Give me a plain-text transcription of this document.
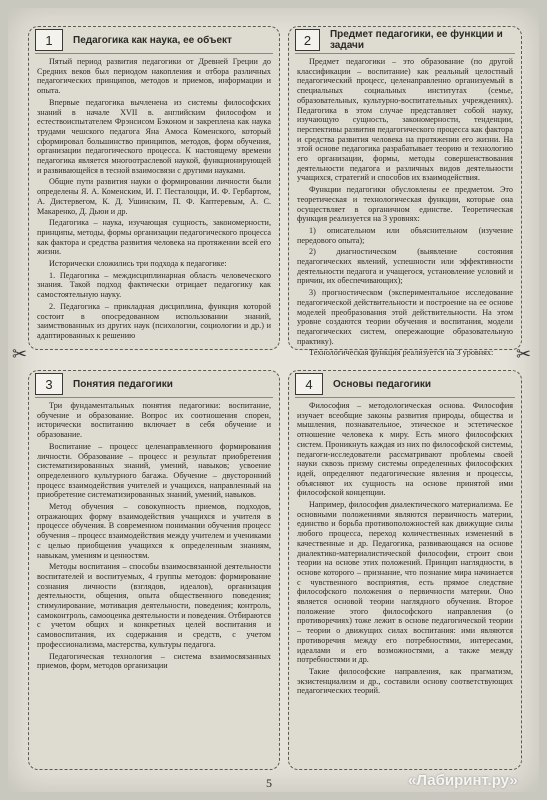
1	Педагогика как наука, ее объект

Пятый период развития педагогики от Древней Греции до Средних веков был периодом накопления и отбора различных педагогических принципов, методов и приемов, информации и опыта.

Впервые педагогика вычленена из системы философских знаний в начале XVII в. английским философом и естествоиспытателем Фрэнсисом Бэконом и закреплена как наука трудами чешского педагога Яна Амоса Коменского, который сформировал большинство принципов, методов, форм обучения, организации педагогического процесса. К настоящему времени педагогика является многоотраслевой наукой, функционирующей и развивающейся в тесной взаимосвязи с другими науками.

Общие пути развития науки о формировании личности были определены Я. А. Коменским, И. Г. Песталоцци, И. Ф. Гербартом, А. Дистервегом, К. Д. Ушинским, П. Ф. Каптеревым, А. С. Макаренко, Д. Дьюи и др.

Педагогика – наука, изучающая сущность, закономерности, принципы, методы, формы организации педагогического процесса как фактора и средства развития человека на протяжении всей его жизни.

Исторически сложились три подхода к педагогике:

1. Педагогика – междисциплинарная область человеческого знания. Такой подход фактически отрицает педагогику как самостоятельную науку.

2. Педагогика – прикладная дисциплина, функция которой состоит в опосредованном использовании знаний, заимствованных из других наук (психологии, социологии и др.) и адаптированных к решению

2	Предмет педагогики, ее функции и задачи

Предмет педагогики – это образование (по другой классификации – воспитание) как реальный целостный педагогический процесс, целенаправленно организуемый в специальных социальных институтах (семье, образовательных, культурно-воспитательных учреждениях). Педагогика в этом случае представляет собой науку, изучающую сущность, закономерности, тенденции, перспективы развития педагогического процесса как фактора и средства развития человека на протяжении его жизни. На этой основе педагогика разрабатывает теорию и технологию его организации, формы, методы совершенствования деятельности педагога и различных видов деятельности учащихся, стратегий и способов их взаимодействия.

Функции педагогики обусловлены ее предметом. Это теоретическая и технологическая функции, которые она осуществляет в органичном единстве. Теоретическая функция реализуется на 3 уровнях:

1) описательном или объяснительном (изучение передового опыта);

2) диагностическом (выявление состояния педагогических явлений, успешности или эффективности деятельности педагога и учащегося, установление условий и причин, их обеспечивающих);

3) прогностическом (экспериментальное исследование педагогической действительности и построение на ее основе моделей преобразования этой действительности. На этом уровне создаются теории обучения и воспитания, модели педагогических систем, опережающие образовательную практику).

Технологическая функция реализуется на 3 уровнях:

✂	✂
3	Понятия педагогики

Три фундаментальных понятия педагогики: воспитание, обучение и образование. Вопрос их соотношения спорен, исторически воспитанию включает в себя обучение и образование.

Воспитание – процесс целенаправленного формирования личности. Образование – процесс и результат приобретения систематизированных знаний, умений, навыков; усвоение определенного культурного багажа. Обучение – двусторонний процесс взаимодействия учителей и учащихся, направленный на приобретение систематизированных знаний, умений, навыков.

Метод обучения – совокупность приемов, подходов, отражающих форму взаимодействия учащихся и учителя в процессе обучения. В современном понимании обучения процесс обучения – процесс взаимодействия между учителем и учениками с целью приобщения учащихся к определенным знаниям, навыкам, умениям и ценностям.

Методы воспитания – способы взаимосвязанной деятельности воспитателей и воспитуемых, 4 группы методов: формирование сознания личности (взглядов, идеалов), организация деятельности, общения, опыта общественного поведения; стимулирование, мотивация деятельности, поведения; контроль, самоконтроль, самооценка деятельности и поведения. Отбираются с учетом общих и конкретных целей воспитания и самовоспитания, их содержания и средств, с учетом профессионализма, мастерства, культуры педагога.

Педагогическая технология – система взаимосвязанных приемов, форм, методов организации

4	Основы педагогики

Философия – методологическая основа. Философия изучает всеобщие законы развития природы, общества и мышления, познавательное, этическое и эстетическое отношение человека к миру. Есть много философских систем. Проникнуть каждая из них по философской системы, педагоги-исследователи рассматривают проблемы своей науки сквозь призму системы определенных философских идей, определяют педагогические явления и процессы, объясняют их сущность на основе принятой ими философской концепции.

Например, философия диалектического материализма. Ее основными положениями являются первичность материи, единство и борьба противоположностей как движущие силы любого процесса, переход количественных изменений в качественные и др. Педагогика, развивающаяся на основе диалектико-материалистической философии, строит свои теории на основе этих положений. Принцип наглядности, в основе которого – признание, что познание мира начинается с чувственного восприятия, есть прямое следствие философского положения о первичности материи. Оно является основой теории наглядного обучения. Второе положение этого философского направления (о противоречиях) тоже лежит в основе педагогической теории – теории о движущих силах воспитания: ими являются противоречия между его потребностями, интересами, идеалами и его возможностями, а также между потребностями и др.

Такие философские направления, как прагматизм, экзистенциализм и др., составили основу соответствующих педагогических теорий.

5	«Лабиринт.ру»
